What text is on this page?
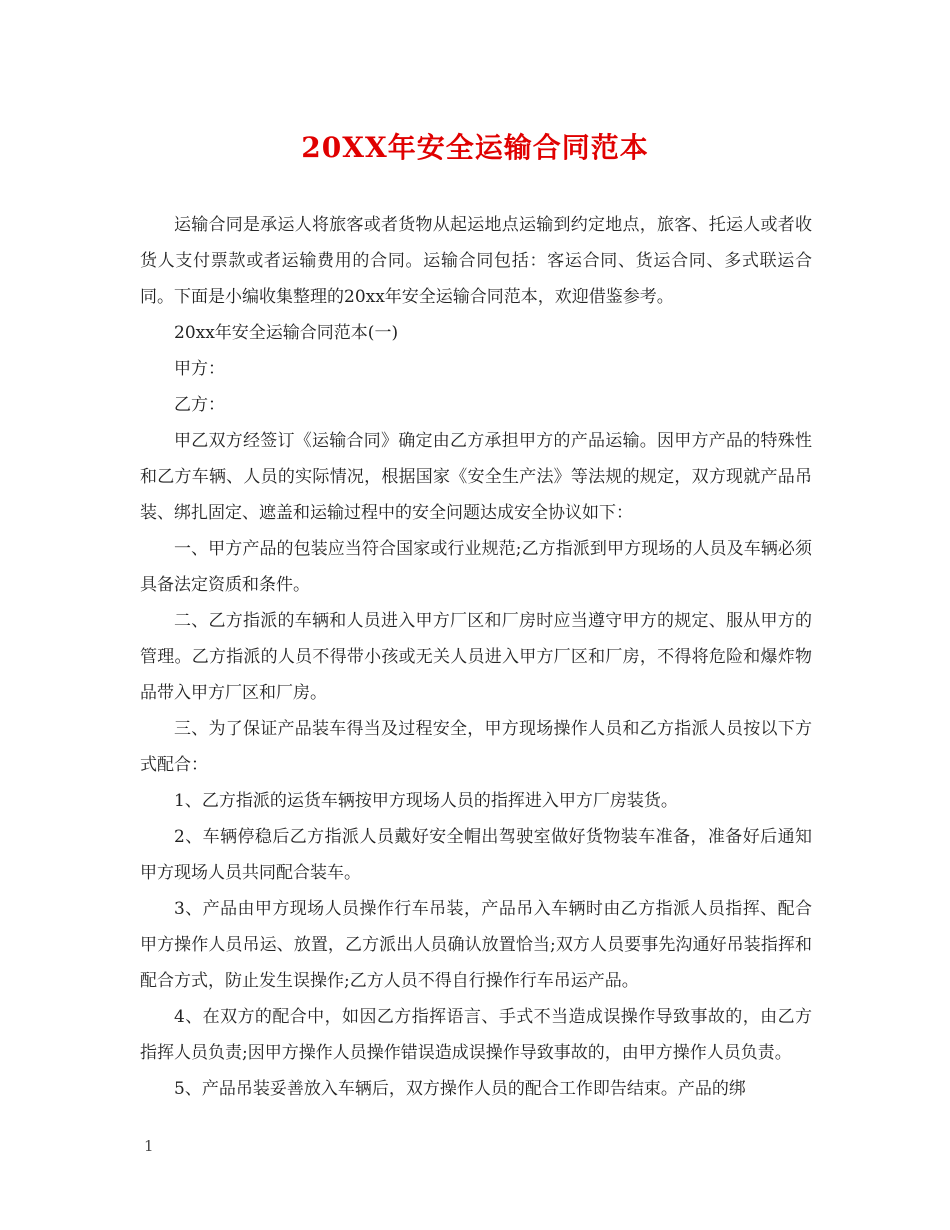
20XX年安全运输合同范本

运输合同是承运人将旅客或者货物从起运地点运输到约定地点，旅客、托运人或者收货人支付票款或者运输费用的合同。运输合同包括：客运合同、货运合同、多式联运合同。下面是小编收集整理的20xx年安全运输合同范本，欢迎借鉴参考。

20xx年安全运输合同范本(一)

甲方：

乙方：

甲乙双方经签订《运输合同》确定由乙方承担甲方的产品运输。因甲方产品的特殊性和乙方车辆、人员的实际情况，根据国家《安全生产法》等法规的规定，双方现就产品吊装、绑扎固定、遮盖和运输过程中的安全问题达成安全协议如下：

一、甲方产品的包装应当符合国家或行业规范;乙方指派到甲方现场的人员及车辆必须具备法定资质和条件。

二、乙方指派的车辆和人员进入甲方厂区和厂房时应当遵守甲方的规定、服从甲方的管理。乙方指派的人员不得带小孩或无关人员进入甲方厂区和厂房，不得将危险和爆炸物品带入甲方厂区和厂房。

三、为了保证产品装车得当及过程安全，甲方现场操作人员和乙方指派人员按以下方式配合：

1、乙方指派的运货车辆按甲方现场人员的指挥进入甲方厂房装货。

2、车辆停稳后乙方指派人员戴好安全帽出驾驶室做好货物装车准备，准备好后通知甲方现场人员共同配合装车。

3、产品由甲方现场人员操作行车吊装，产品吊入车辆时由乙方指派人员指挥、配合甲方操作人员吊运、放置，乙方派出人员确认放置恰当;双方人员要事先沟通好吊装指挥和配合方式，防止发生误操作;乙方人员不得自行操作行车吊运产品。

4、在双方的配合中，如因乙方指挥语言、手式不当造成误操作导致事故的，由乙方指挥人员负责;因甲方操作人员操作错误造成误操作导致事故的，由甲方操作人员负责。

5、产品吊装妥善放入车辆后，双方操作人员的配合工作即告结束。产品的绑

1
